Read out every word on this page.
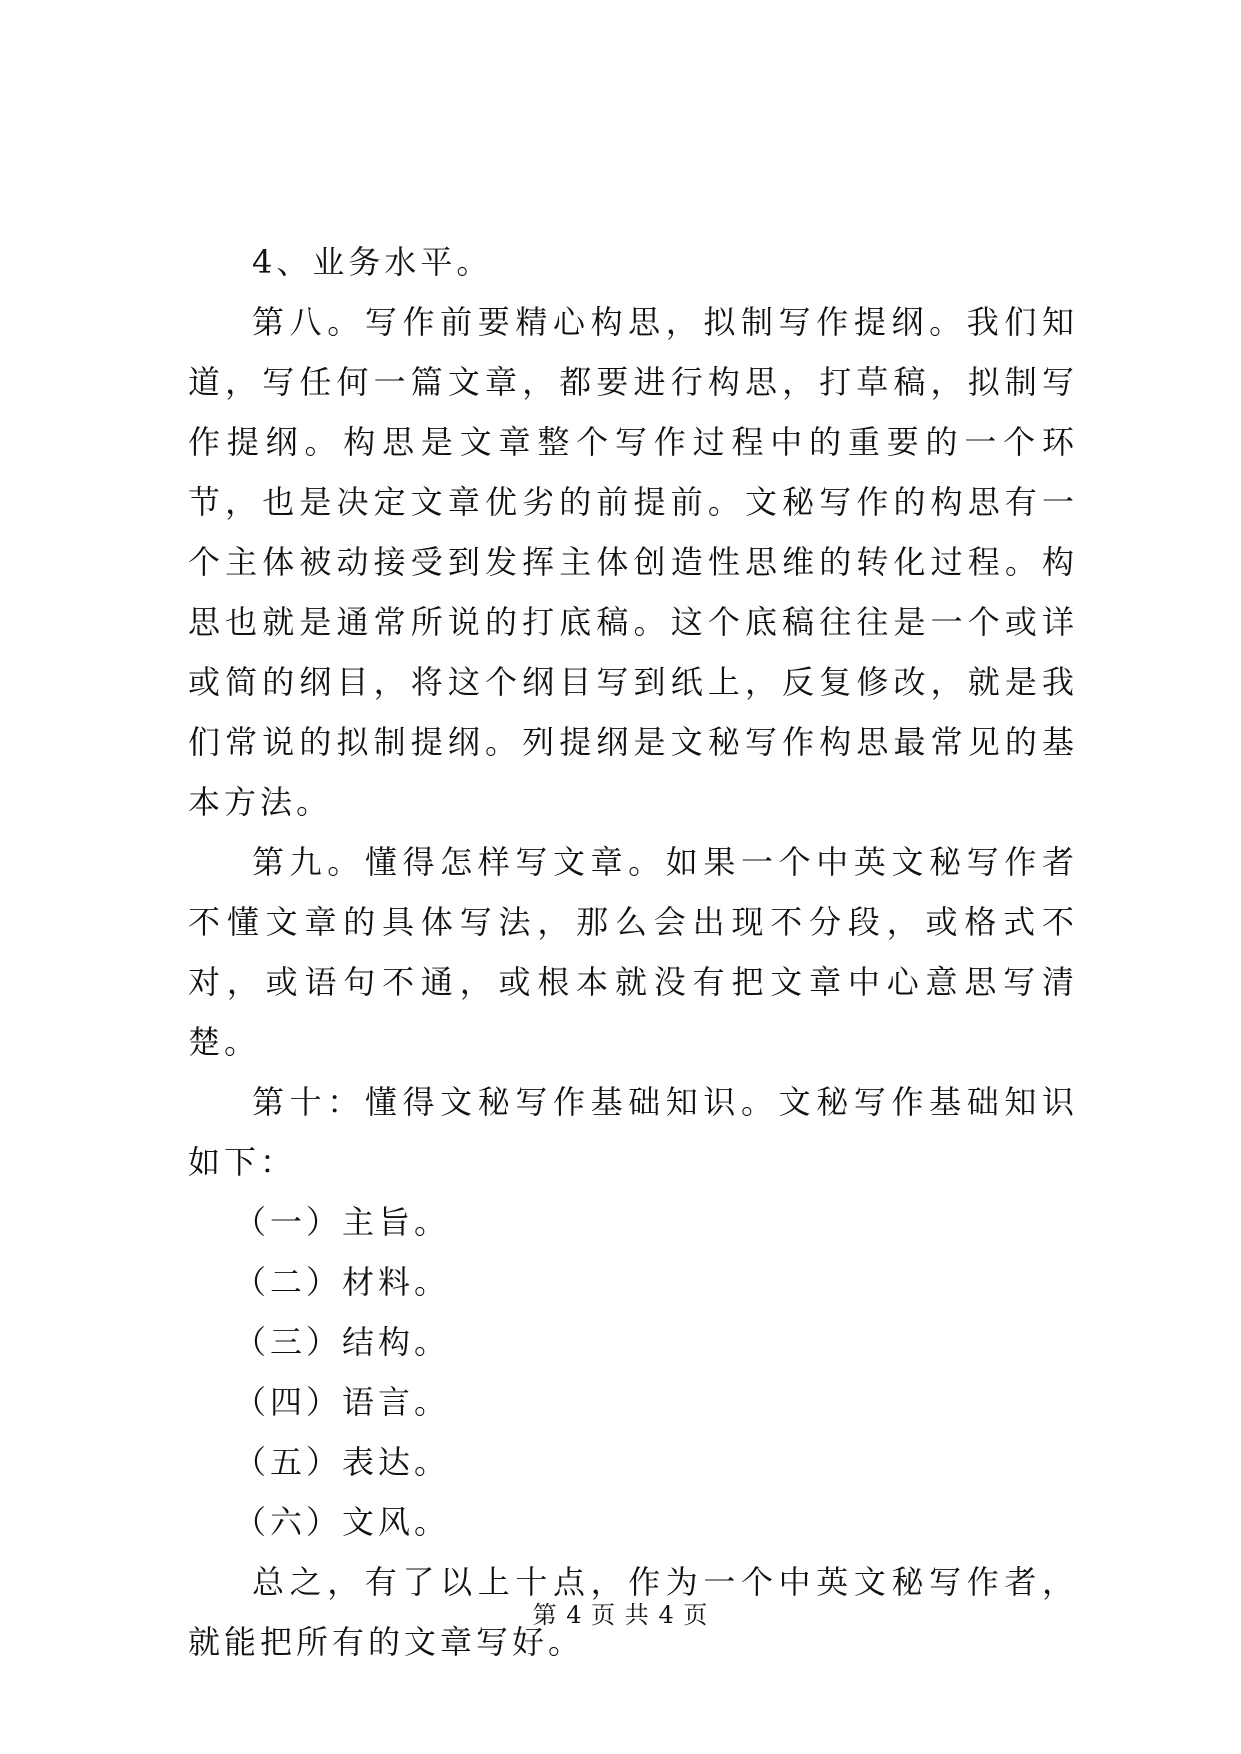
4、业务水平。

第八。写作前要精心构思，拟制写作提纲。我们知道，写任何一篇文章，都要进行构思，打草稿，拟制写作提纲。构思是文章整个写作过程中的重要的一个环节，也是决定文章优劣的前提前。文秘写作的构思有一个主体被动接受到发挥主体创造性思维的转化过程。构思也就是通常所说的打底稿。这个底稿往往是一个或详或简的纲目，将这个纲目写到纸上，反复修改，就是我们常说的拟制提纲。列提纲是文秘写作构思最常见的基本方法。

第九。懂得怎样写文章。如果一个中英文秘写作者不懂文章的具体写法，那么会出现不分段，或格式不对，或语句不通，或根本就没有把文章中心意思写清楚。

第十：懂得文秘写作基础知识。文秘写作基础知识如下：

（一）主旨。

（二）材料。

（三）结构。

（四）语言。

（五）表达。

（六）文风。

总之，有了以上十点，作为一个中英文秘写作者，就能把所有的文章写好。

第 4 页 共 4 页
